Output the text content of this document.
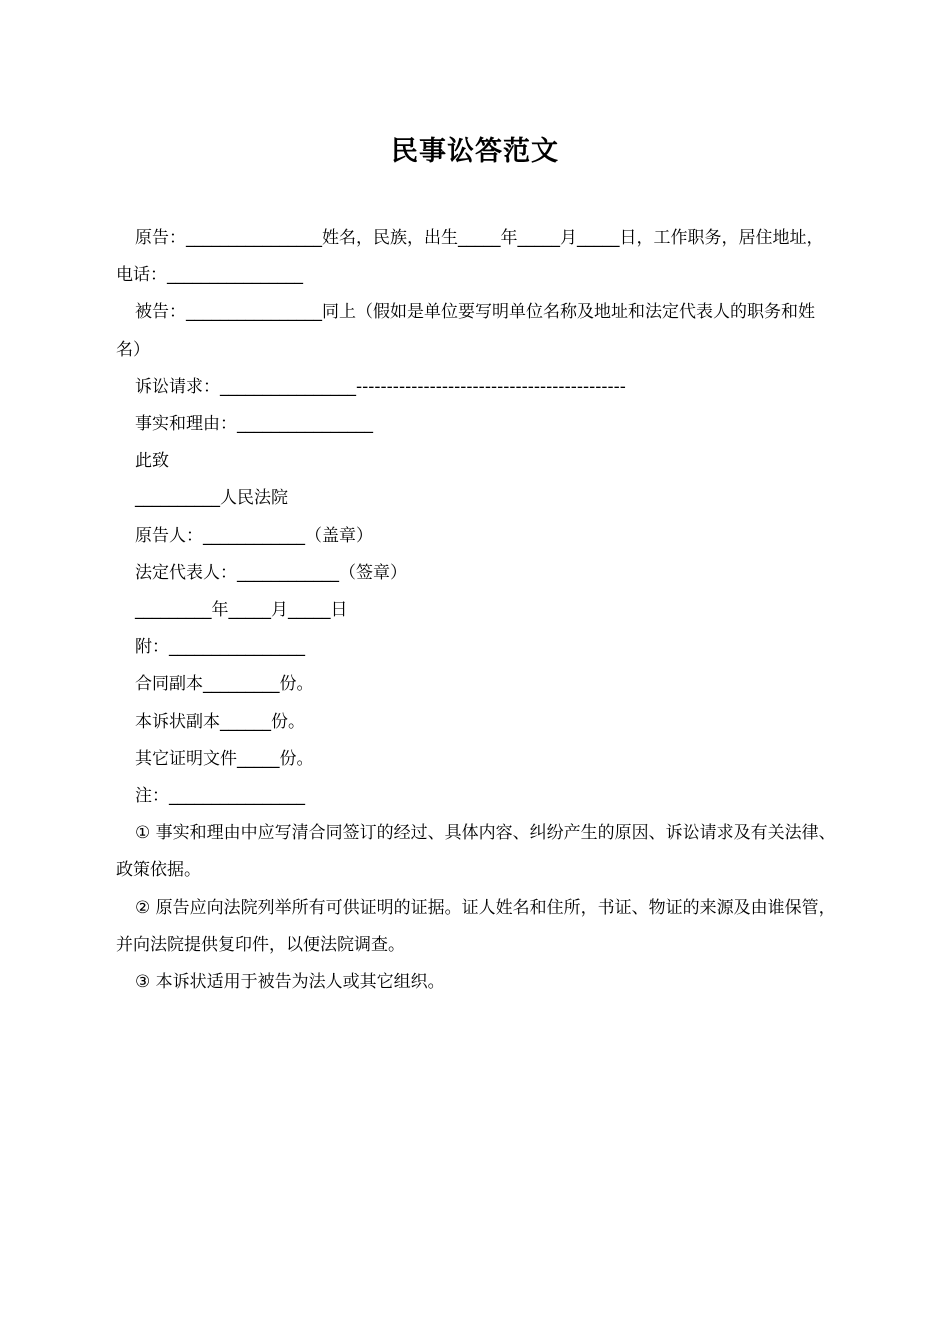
民事讼答范文

原告：________________姓名，民族，出生_____年_____月_____日，工作职务，居住地址，电话：________________

被告：________________同上（假如是单位要写明单位名称及地址和法定代表人的职务和姓名）

诉讼请求：________________--------------------------------------------

事实和理由：________________

此致

__________人民法院

原告人：____________（盖章）

法定代表人：____________（签章）

_________年_____月_____日

附：________________

合同副本_________份。

本诉状副本______份。

其它证明文件_____份。

注：________________

① 事实和理由中应写清合同签订的经过、具体内容、纠纷产生的原因、诉讼请求及有关法律、政策依据。

② 原告应向法院列举所有可供证明的证据。证人姓名和住所，书证、物证的来源及由谁保管，并向法院提供复印件，以便法院调查。

③ 本诉状适用于被告为法人或其它组织。
